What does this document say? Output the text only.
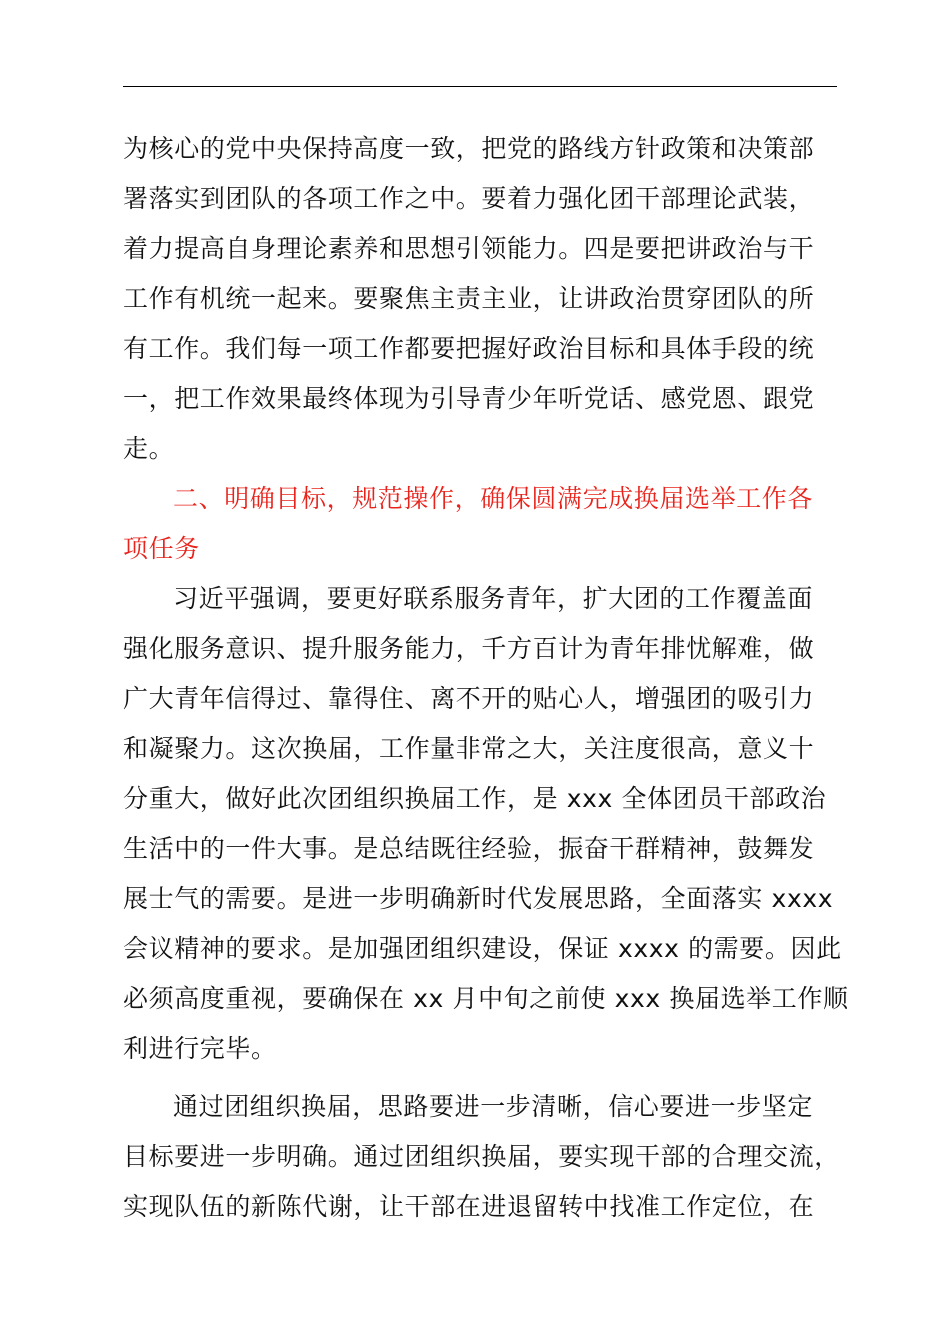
为核心的党中央保持高度一致，把党的路线方针政策和决策部
署落实到团队的各项工作之中。要着力强化团干部理论武装，
着力提高自身理论素养和思想引领能力。四是要把讲政治与干
工作有机统一起来。要聚焦主责主业，让讲政治贯穿团队的所
有工作。我们每一项工作都要把握好政治目标和具体手段的统
一，把工作效果最终体现为引导青少年听党话、感党恩、跟党
走。
二、明确目标，规范操作，确保圆满完成换届选举工作各
项任务
习近平强调，要更好联系服务青年，扩大团的工作覆盖面
强化服务意识、提升服务能力，千方百计为青年排忧解难，做
广大青年信得过、靠得住、离不开的贴心人，增强团的吸引力
和凝聚力。这次换届，工作量非常之大，关注度很高，意义十
分重大，做好此次团组织换届工作，是 xxx 全体团员干部政治
生活中的一件大事。是总结既往经验，振奋干群精神，鼓舞发
展士气的需要。是进一步明确新时代发展思路，全面落实 xxxx
会议精神的要求。是加强团组织建设，保证 xxxx 的需要。因此
必须高度重视，要确保在 xx 月中旬之前使 xxx 换届选举工作顺
利进行完毕。
通过团组织换届，思路要进一步清晰，信心要进一步坚定
目标要进一步明确。通过团组织换届，要实现干部的合理交流，
实现队伍的新陈代谢，让干部在进退留转中找准工作定位，在
